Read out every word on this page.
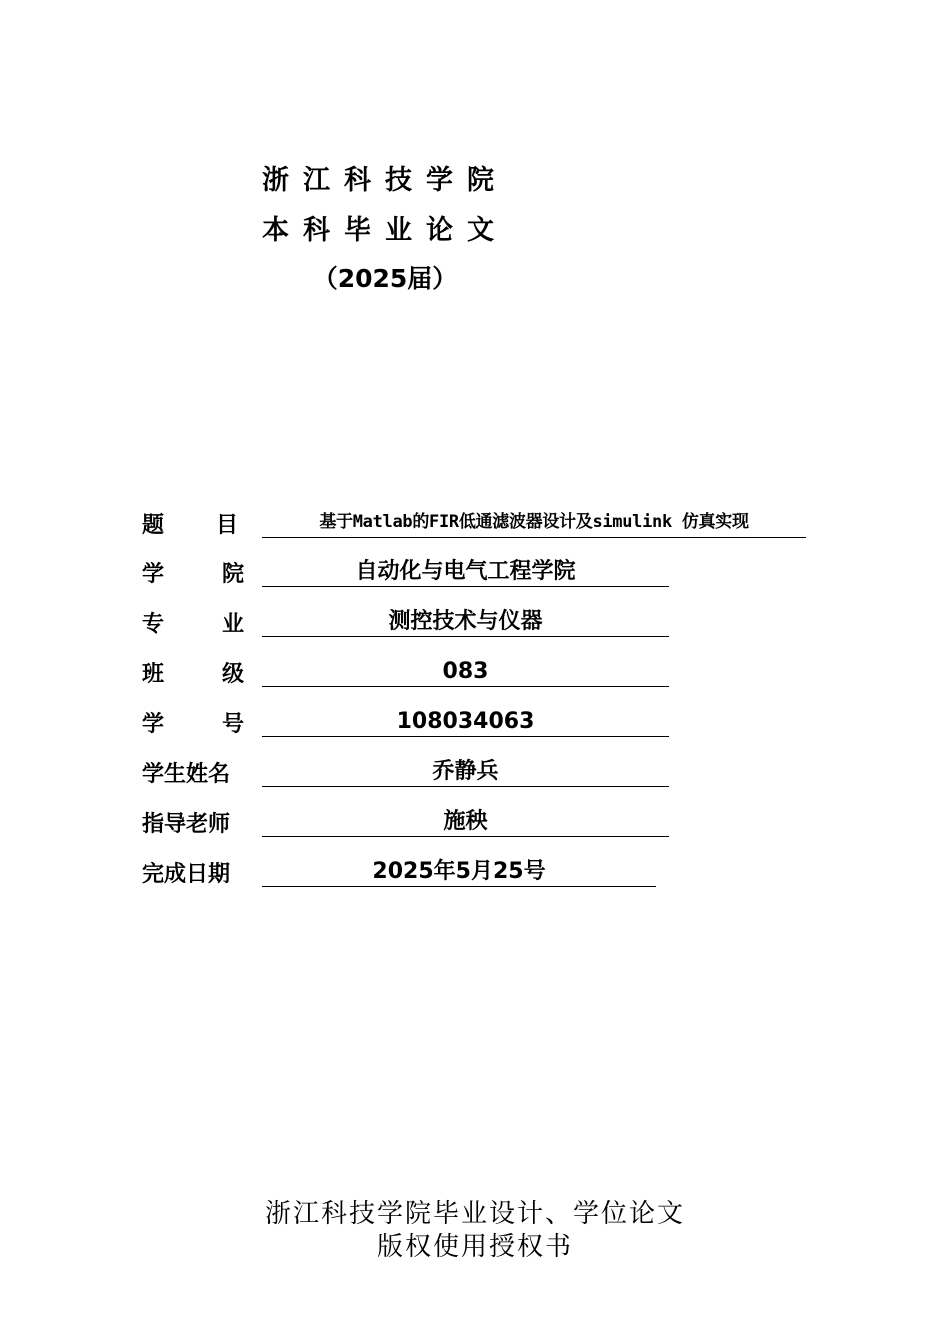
浙江科技学院
本科毕业论文
（2025届）
题目	基于Matlab的FIR低通滤波器设计及simulink 仿真实现
学院	自动化与电气工程学院
专业	测控技术与仪器
班级	083
学号	108034063
学生姓名	乔静兵
指导老师	施秧
完成日期	2025年5月25号
浙江科技学院毕业设计、学位论文
版权使用授权书
